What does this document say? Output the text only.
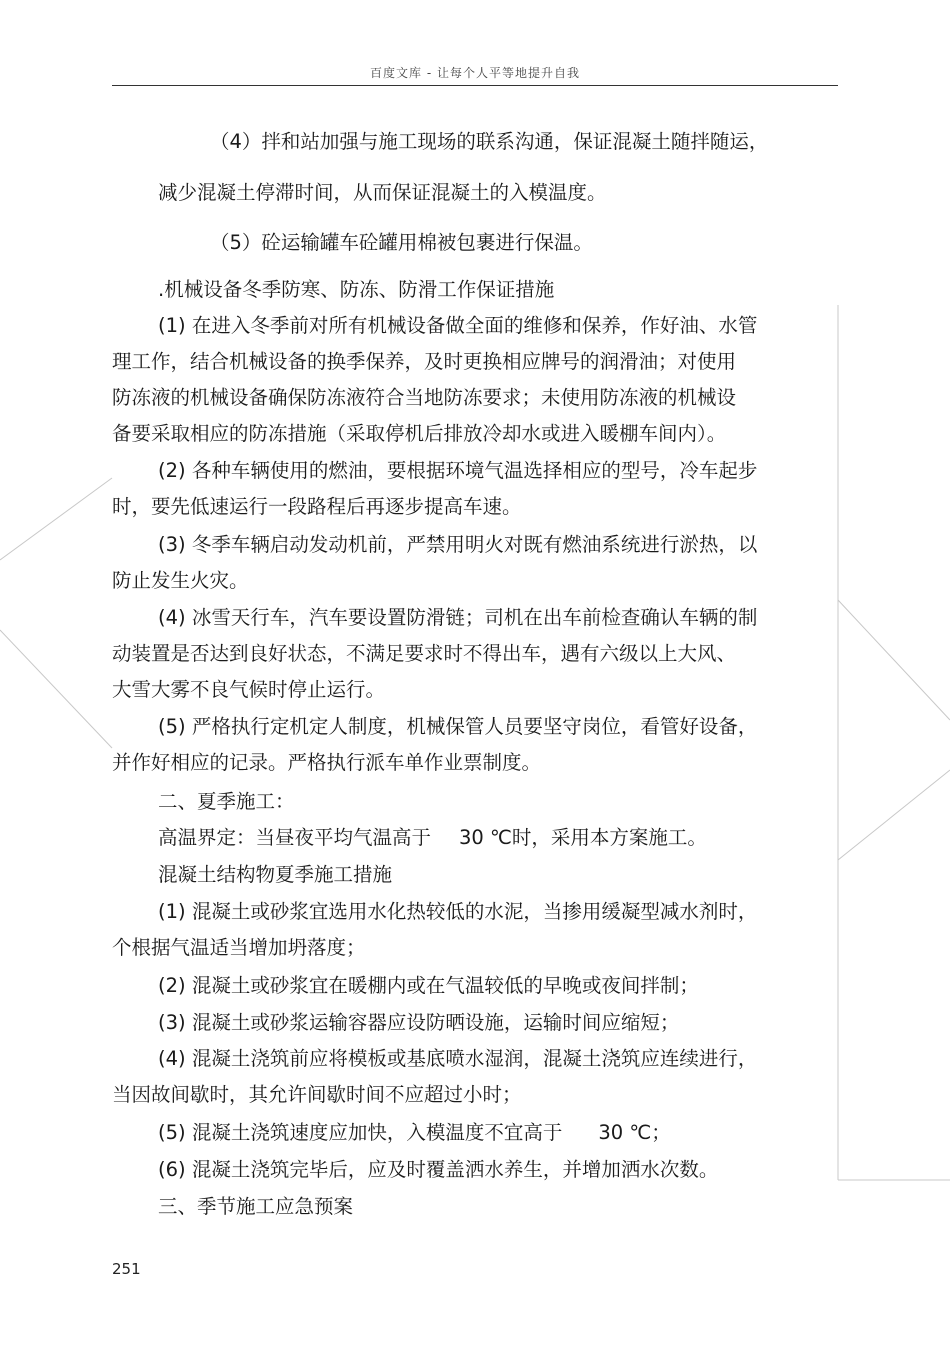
百度文库 - 让每个人平等地提升自我
（4）拌和站加强与施工现场的联系沟通，保证混凝土随拌随运，
减少混凝土停滞时间，从而保证混凝土的入模温度。
（5）砼运输罐车砼罐用棉被包裹进行保温。
.机械设备冬季防寒、防冻、防滑工作保证措施
(1) 在进入冬季前对所有机械设备做全面的维修和保养，作好油、水管
理工作，结合机械设备的换季保养，及时更换相应牌号的润滑油；对使用
防冻液的机械设备确保防冻液符合当地防冻要求；未使用防冻液的机械设
备要采取相应的防冻措施（采取停机后排放冷却水或进入暖棚车间内）。
(2) 各种车辆使用的燃油，要根据环境气温选择相应的型号，冷车起步
时，要先低速运行一段路程后再逐步提高车速。
(3) 冬季车辆启动发动机前，严禁用明火对既有燃油系统进行淤热，以
防止发生火灾。
(4) 冰雪天行车，汽车要设置防滑链；司机在出车前检查确认车辆的制
动装置是否达到良好状态，不满足要求时不得出车，遇有六级以上大风、
大雪大雾不良气候时停止运行。
(5) 严格执行定机定人制度，机械保管人员要坚守岗位，看管好设备，
并作好相应的记录。严格执行派车单作业票制度。
二、夏季施工：
高温界定：当昼夜平均气温高于 30 ℃时，采用本方案施工。
混凝土结构物夏季施工措施
(1) 混凝土或砂浆宜选用水化热较低的水泥，当掺用缓凝型减水剂时，
个根据气温适当增加坍落度；
(2) 混凝土或砂浆宜在暖棚内或在气温较低的早晚或夜间拌制；
(3) 混凝土或砂浆运输容器应设防晒设施，运输时间应缩短；
(4) 混凝土浇筑前应将模板或基底喷水湿润，混凝土浇筑应连续进行，
当因故间歇时，其允许间歇时间不应超过小时；
(5) 混凝土浇筑速度应加快，入模温度不宜高于 30 ℃；
(6) 混凝土浇筑完毕后，应及时覆盖洒水养生，并增加洒水次数。
三、季节施工应急预案
251
